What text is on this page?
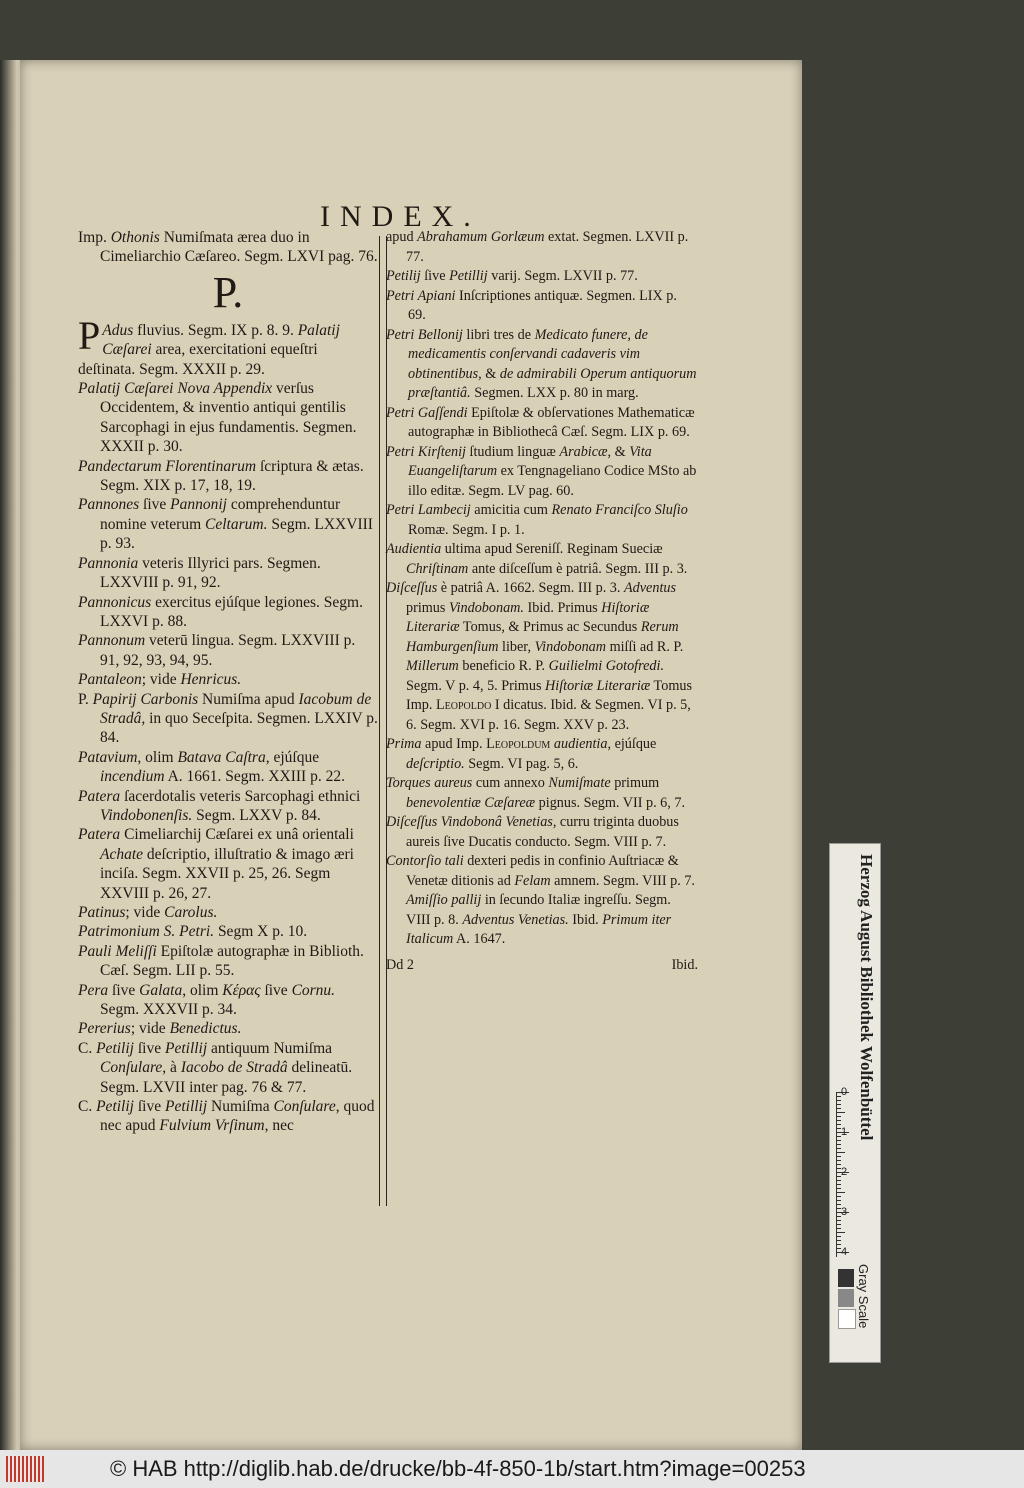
INDEX.

Imp. Othonis Numiſmata ærea duo in Cimeliarchio Cæſareo. Segm. LXVI pag. 76.

P.

P Adus fluvius. Segm. IX p. 8. 9. Palatij Cæſarei area, exercitationi equeſtri deſtinata. Segm. XXXII p. 29.

Palatij Cæſarei Nova Appendix verſus Occidentem, & inventio antiqui gentilis Sarcophagi in ejus fundamentis. Segmen. XXXII p. 30.

Pandectarum Florentinarum ſcriptura & ætas. Segm. XIX p. 17, 18, 19.

Pannones ſive Pannonij comprehenduntur nomine veterum Celtarum. Segm. LXXVIII p. 93.

Pannonia veteris Illyrici pars. Segmen. LXXVIII p. 91, 92.

Pannonicus exercitus ejúſque legiones. Segm. LXXVI p. 88.

Pannonum veterū lingua. Segm. LXXVIII p. 91, 92, 93, 94, 95.

Pantaleon; vide Henricus.

P. Papirij Carbonis Numiſma apud Iacobum de Stradâ, in quo Seceſpita. Segmen. LXXIV p. 84.

Patavium, olim Batava Caſtra, ejúſque incendium A. 1661. Segm. XXIII p. 22.

Patera ſacerdotalis veteris Sarcophagi ethnici Vindobonenſis. Segm. LXXV p. 84.

Patera Cimeliarchij Cæſarei ex unâ orientali Achate deſcriptio, illuſtratio & imago æri inciſa. Segm. XXVII p. 25, 26. Segm XXVIII p. 26, 27.

Patinus; vide Carolus.

Patrimonium S. Petri. Segm X p. 10.

Pauli Meliſſi Epiſtolæ autographæ in Biblioth. Cæſ. Segm. LII p. 55.

Pera ſive Galata, olim Κέρας ſive Cornu. Segm. XXXVII p. 34.

Pererius; vide Benedictus.

C. Petilij ſive Petillij antiquum Numiſma Conſulare, à Iacobo de Stradâ delineatū. Segm. LXVII inter pag. 76 & 77.

C. Petilij ſive Petillij Numiſma Conſulare, quod nec apud Fulvium Vrſinum, nec

apud Abrahamum Gorlæum extat. Segmen. LXVII p. 77.

Petilij ſive Petillij varij. Segm. LXVII p. 77.

Petri Apiani Inſcriptiones antiquæ. Segmen. LIX p. 69.

Petri Bellonij libri tres de Medicato funere, de medicamentis conſervandi cadaveris vim obtinentibus, & de admirabili Operum antiquorum præſtantiâ. Segmen. LXX p. 80 in marg.

Petri Gaſſendi Epiſtolæ & obſervationes Mathematicæ autographæ in Bibliothecâ Cæſ. Segm. LIX p. 69.

Petri Kirſtenij ſtudium linguæ Arabicæ, & Vita Euangeliſtarum ex Tengnageliano Codice MSto ab illo editæ. Segm. LV pag. 60.

Petri Lambecij amicitia cum Renato Franciſco Sluſio Romæ. Segm. I p. 1.

Audientia ultima apud Sereniſſ. Reginam Sueciæ Chriſtinam ante diſceſſum è patriâ. Segm. III p. 3.

Diſceſſus è patriâ A. 1662. Segm. III p. 3. Adventus primus Vindobonam. Ibid. Primus Hiſtoriæ Literariæ Tomus, & Primus ac Secundus Rerum Hamburgenſium liber, Vindobonam miſſi ad R. P. Millerum beneficio R. P. Guilielmi Gotofredi. Segm. V p. 4, 5. Primus Hiſtoriæ Literariæ Tomus Imp. Leopoldo I dicatus. Ibid. & Segmen. VI p. 5, 6. Segm. XVI p. 16. Segm. XXV p. 23.

Prima apud Imp. Leopoldum audientia, ejúſque deſcriptio. Segm. VI pag. 5, 6.

Torques aureus cum annexo Numiſmate primum benevolentiæ Cæſareæ pignus. Segm. VII p. 6, 7.

Diſceſſus Vindobonâ Venetias, curru triginta duobus aureis ſive Ducatis conducto. Segm. VIII p. 7.

Contorſio tali dexteri pedis in confinio Auſtriacæ & Venetæ ditionis ad Felam amnem. Segm. VIII p. 7. Amiſſio pallij in ſecundo Italiæ ingreſſu. Segm. VIII p. 8. Adventus Venetias. Ibid. Primum iter Italicum A. 1647.

Dd 2	Ibid.	Herzog August Bibliothek Wolfenbüttel
0
1
2
3
4
Gray Scale
© HAB http://diglib.hab.de/drucke/bb-4f-850-1b/start.htm?image=00253
